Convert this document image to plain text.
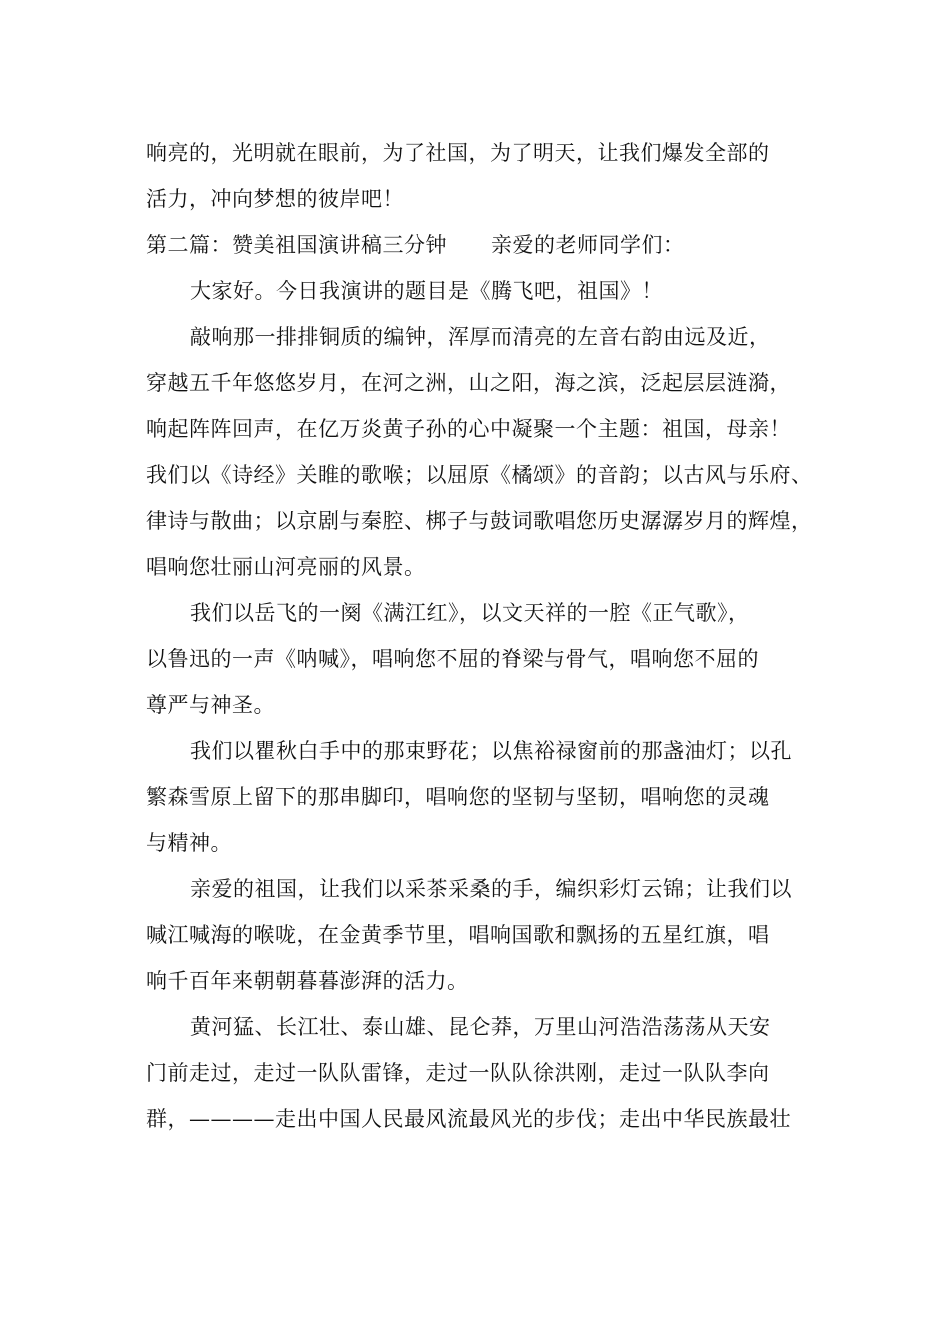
响亮的，光明就在眼前，为了社国，为了明天，让我们爆发全部的
活力，冲向梦想的彼岸吧！
第二篇：赞美祖国演讲稿三分钟 亲爱的老师同学们：
大家好。今日我演讲的题目是《腾飞吧，祖国》！
敲响那一排排铜质的编钟，浑厚而清亮的左音右韵由远及近，
穿越五千年悠悠岁月，在河之洲，山之阳，海之滨，泛起层层涟漪，
响起阵阵回声，在亿万炎黄子孙的心中凝聚一个主题：祖国，母亲！
我们以《诗经》关睢的歌喉；以屈原《橘颂》的音韵；以古风与乐府、
律诗与散曲；以京剧与秦腔、梆子与鼓词歌唱您历史潺潺岁月的辉煌，
唱响您壮丽山河亮丽的风景。
我们以岳飞的一阕《满江红》，以文天祥的一腔《正气歌》，
以鲁迅的一声《呐喊》，唱响您不屈的脊梁与骨气，唱响您不屈的
尊严与神圣。
我们以瞿秋白手中的那束野花；以焦裕禄窗前的那盏油灯；以孔
繁森雪原上留下的那串脚印，唱响您的坚韧与坚韧，唱响您的灵魂
与精神。
亲爱的祖国，让我们以采茶采桑的手，编织彩灯云锦；让我们以
喊江喊海的喉咙，在金黄季节里，唱响国歌和飘扬的五星红旗，唱
响千百年来朝朝暮暮澎湃的活力。
黄河猛、长江壮、泰山雄、昆仑莽，万里山河浩浩荡荡从天安
门前走过，走过一队队雷锋，走过一队队徐洪刚，走过一队队李向
群，————走出中国人民最风流最风光的步伐；走出中华民族最壮
